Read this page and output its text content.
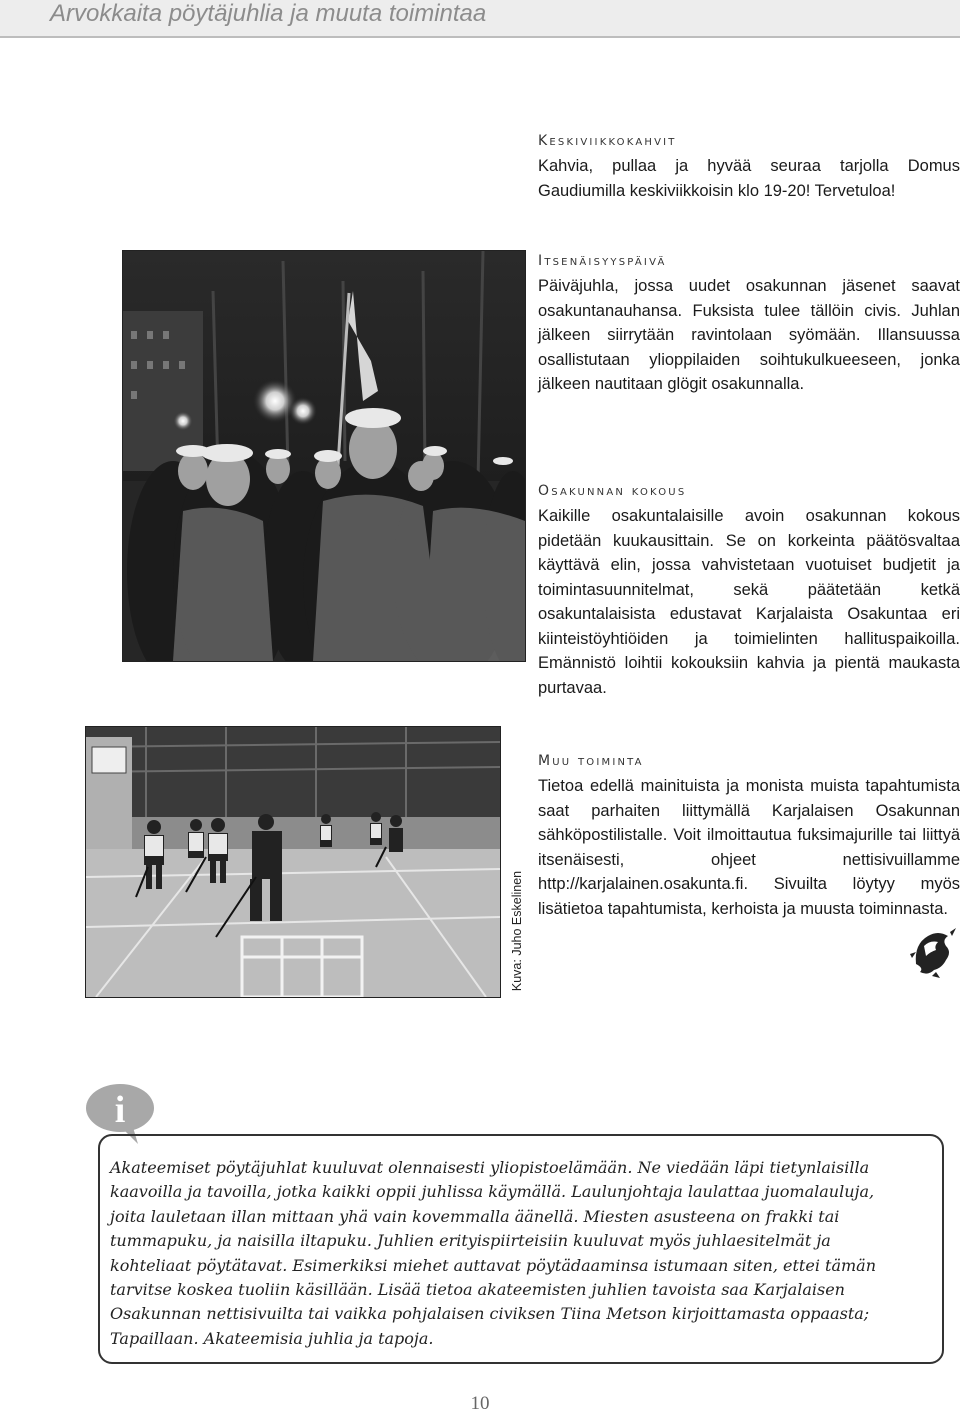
Arvokkaita pöytäjuhlia ja muuta toimintaa
Keskiviikkokahvit

Kahvia, pullaa ja hyvää seuraa tarjolla Domus Gaudiumilla keskiviikkoisin klo 19-20! Tervetuloa!

Itsenäisyyspäivä

Päiväjuhla, jossa uudet osakunnan jäsenet saavat osakuntanauhansa. Fuksista tulee tällöin civis. Juhlan jälkeen siirrytään ravintolaan syömään. Illansuussa osallistutaan ylioppilaiden soihtukulkueeseen, jonka jälkeen nautitaan glögit osakunnalla.

Osakunnan kokous

Kaikille osakuntalaisille avoin osakunnan kokous pidetään kuukausittain. Se on korkeinta päätösvaltaa käyttävä elin, jossa vahvistetaan vuotuiset budjetit ja toimintasuunnitelmat, sekä päätetään ketkä osakuntalaisista edustavat Karjalaista Osakuntaa eri kiinteistöyhtiöiden ja toimielinten hallituspaikoilla. Emännistö loihtii kokouksiin kahvia ja pientä maukasta purtavaa.

Muu toiminta

Tietoa edellä mainituista ja monista muista tapahtumista saat parhaiten liittymällä Karjalaisen Osakunnan sähköpostilistalle. Voit ilmoittautua fuksimajurille tai liittyä itsenäisesti, ohjeet nettisivuillamme http://karjalainen.osakunta.fi. Sivuilta löytyy myös lisätietoa tapahtumista, kerhoista ja muusta toiminnasta.

Kuva: Juho Eskelinen
i

Akateemiset pöytäjuhlat kuuluvat olennaisesti yliopistoelämään. Ne viedään läpi tietynlaisilla kaavoilla ja tavoilla, jotka kaikki oppii juhlissa käymällä. Laulunjohtaja laulattaa juomalauluja, joita lauletaan illan mittaan yhä vain kovemmalla äänellä. Miesten asusteena on frakki tai tummapuku, ja naisilla iltapuku. Juhlien erityispiirteisiin kuuluvat myös juhlaesitelmät ja kohteliaat pöytätavat. Esimerkiksi miehet auttavat pöytädaaminsa istumaan siten, ettei tämän tarvitse koskea tuoliin käsillään. Lisää tietoa akateemisten juhlien tavoista saa Karjalaisen Osakunnan nettisivuilta tai vaikka pohjalaisen civiksen Tiina Metson kirjoittamasta oppaasta; Tapaillaan. Akateemisia juhlia ja tapoja.

10
